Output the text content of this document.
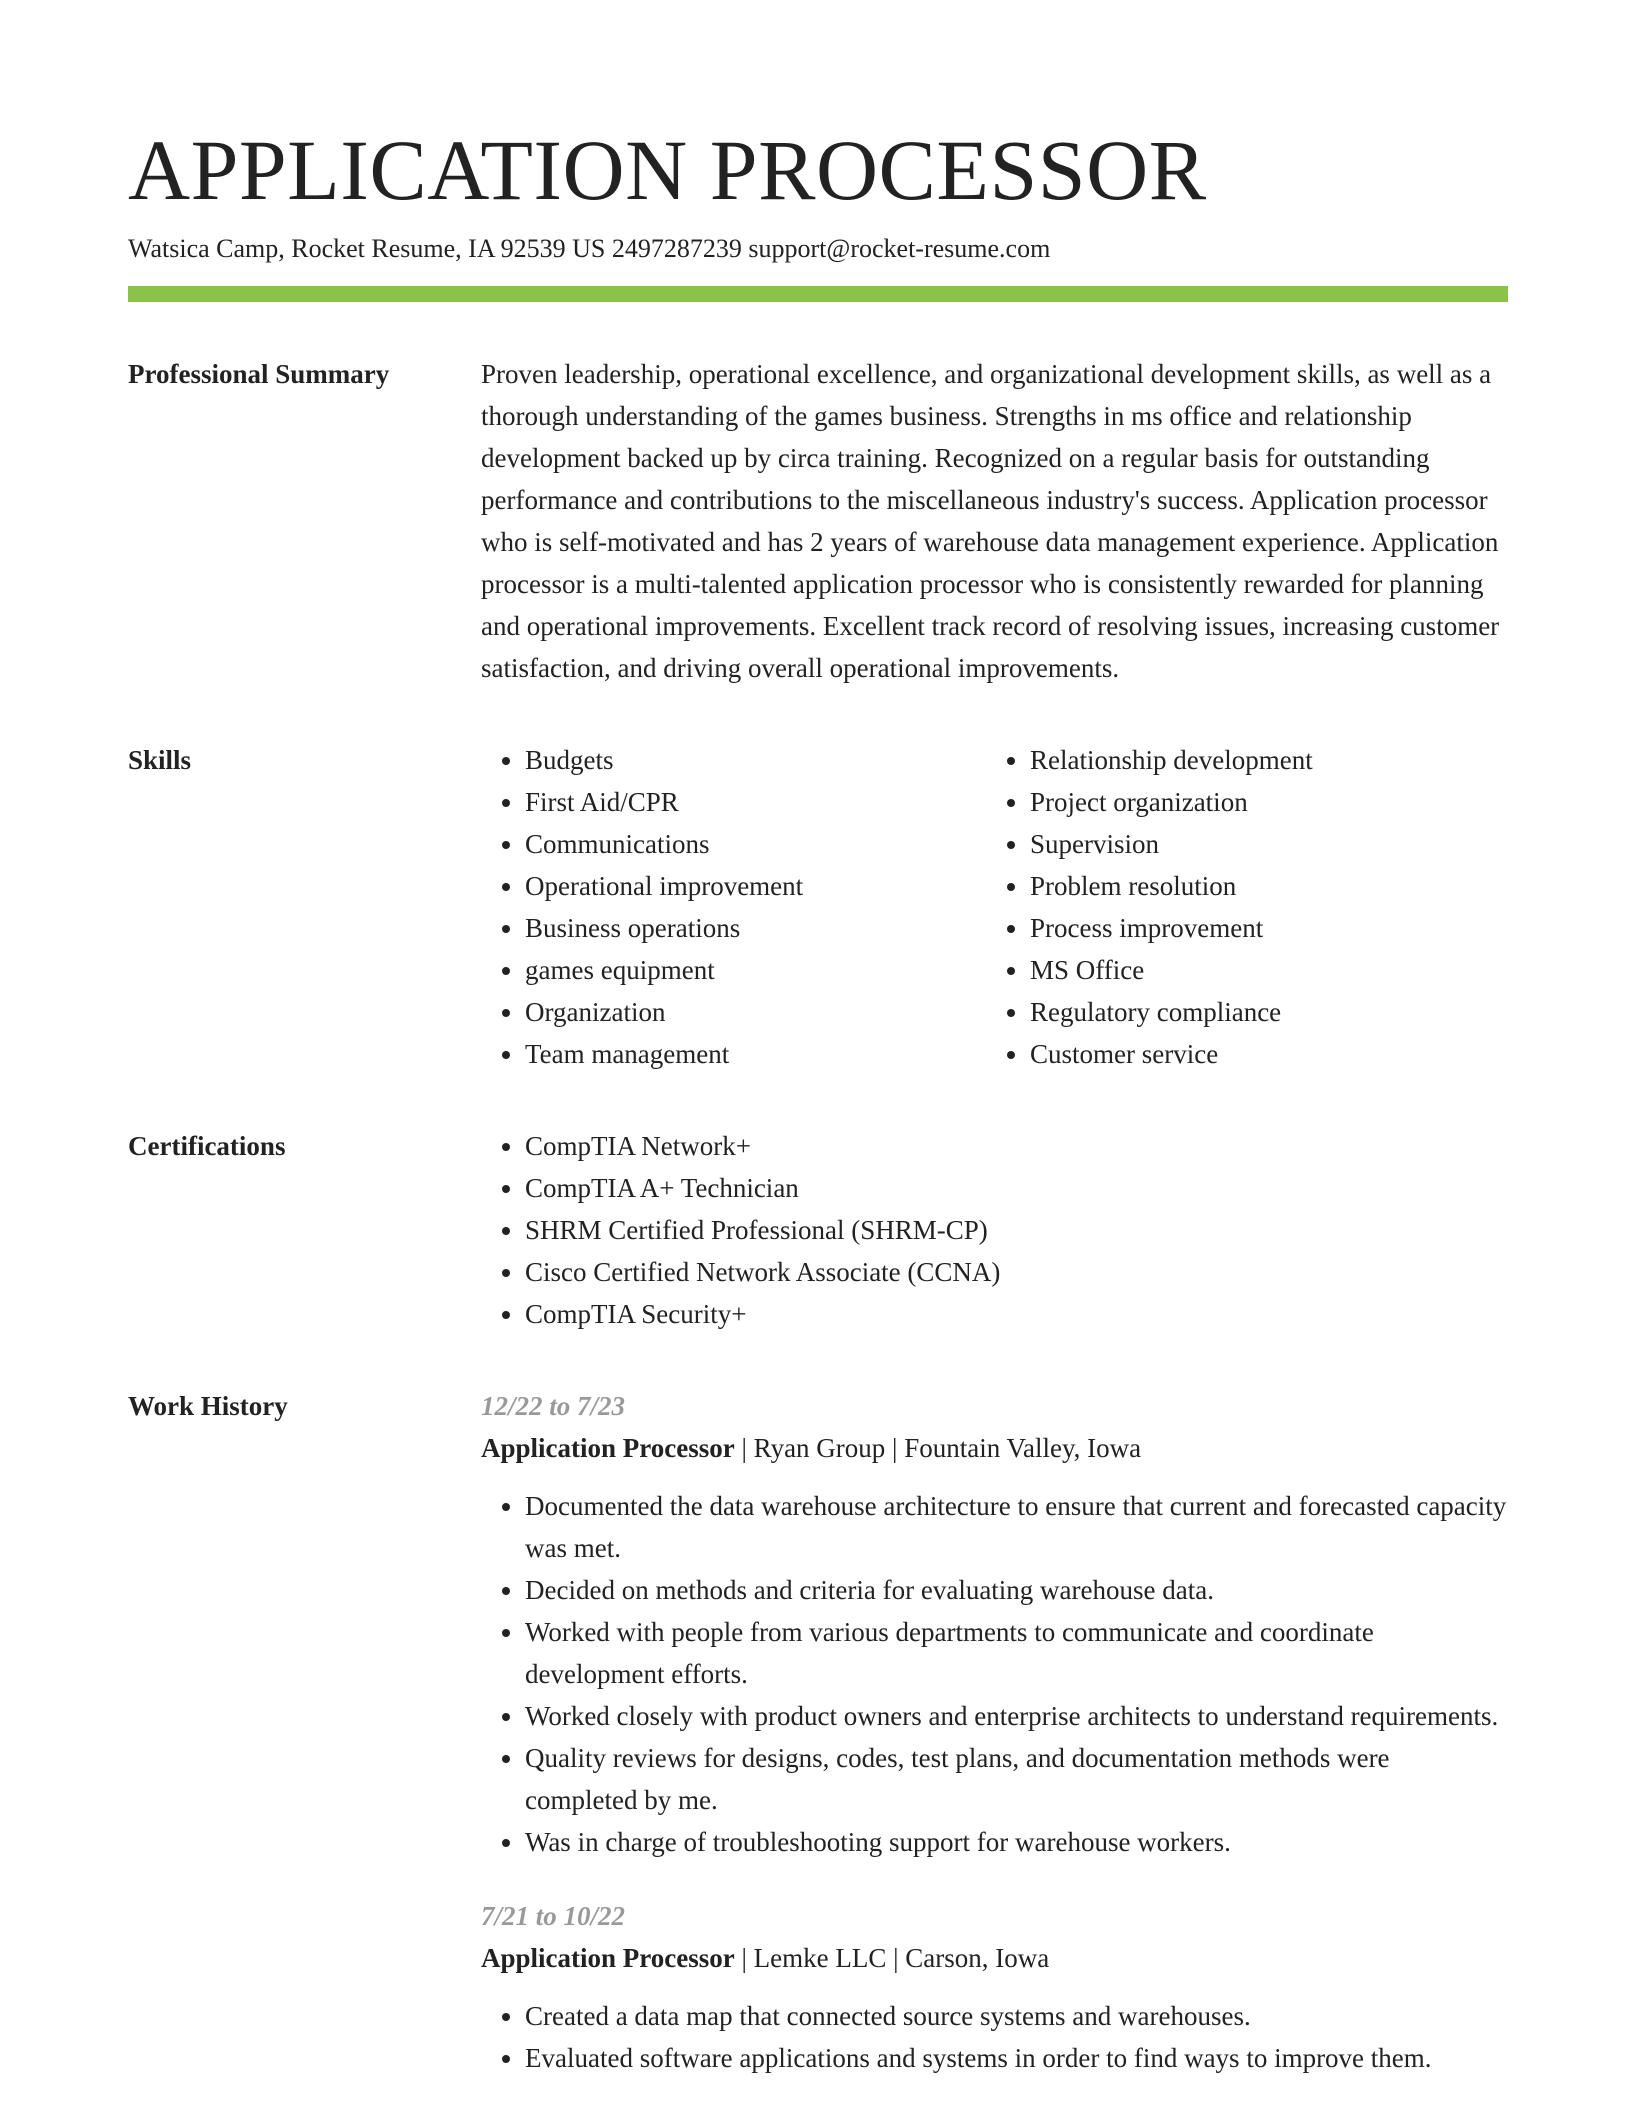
APPLICATION PROCESSOR
Watsica Camp, Rocket Resume, IA 92539 US 2497287239 support@rocket-resume.com
Professional Summary	Proven leadership, operational excellence, and organizational development skills, as well as a thorough understanding of the games business. Strengths in ms office and relationship development backed up by circa training. Recognized on a regular basis for outstanding performance and contributions to the miscellaneous industry's success. Application processor who is self-motivated and has 2 years of warehouse data management experience. Application processor is a multi-talented application processor who is consistently rewarded for planning and operational improvements. Excellent track record of resolving issues, increasing customer satisfaction, and driving overall operational improvements.
Skills	• Budgets
• First Aid/CPR
• Communications
• Operational improvement
• Business operations
• games equipment
• Organization
• Team management
• Relationship development
• Project organization
• Supervision
• Problem resolution
• Process improvement
• MS Office
• Regulatory compliance
• Customer service
Certifications	• CompTIA Network+
• CompTIA A+ Technician
• SHRM Certified Professional (SHRM-CP)
• Cisco Certified Network Associate (CCNA)
• CompTIA Security+
Work History	12/22 to 7/23
Application Processor | Ryan Group | Fountain Valley, Iowa
• Documented the data warehouse architecture to ensure that current and forecasted capacity was met.
• Decided on methods and criteria for evaluating warehouse data.
• Worked with people from various departments to communicate and coordinate development efforts.
• Worked closely with product owners and enterprise architects to understand requirements.
• Quality reviews for designs, codes, test plans, and documentation methods were completed by me.
• Was in charge of troubleshooting support for warehouse workers.
7/21 to 10/22
Application Processor | Lemke LLC | Carson, Iowa
• Created a data map that connected source systems and warehouses.
• Evaluated software applications and systems in order to find ways to improve them.
